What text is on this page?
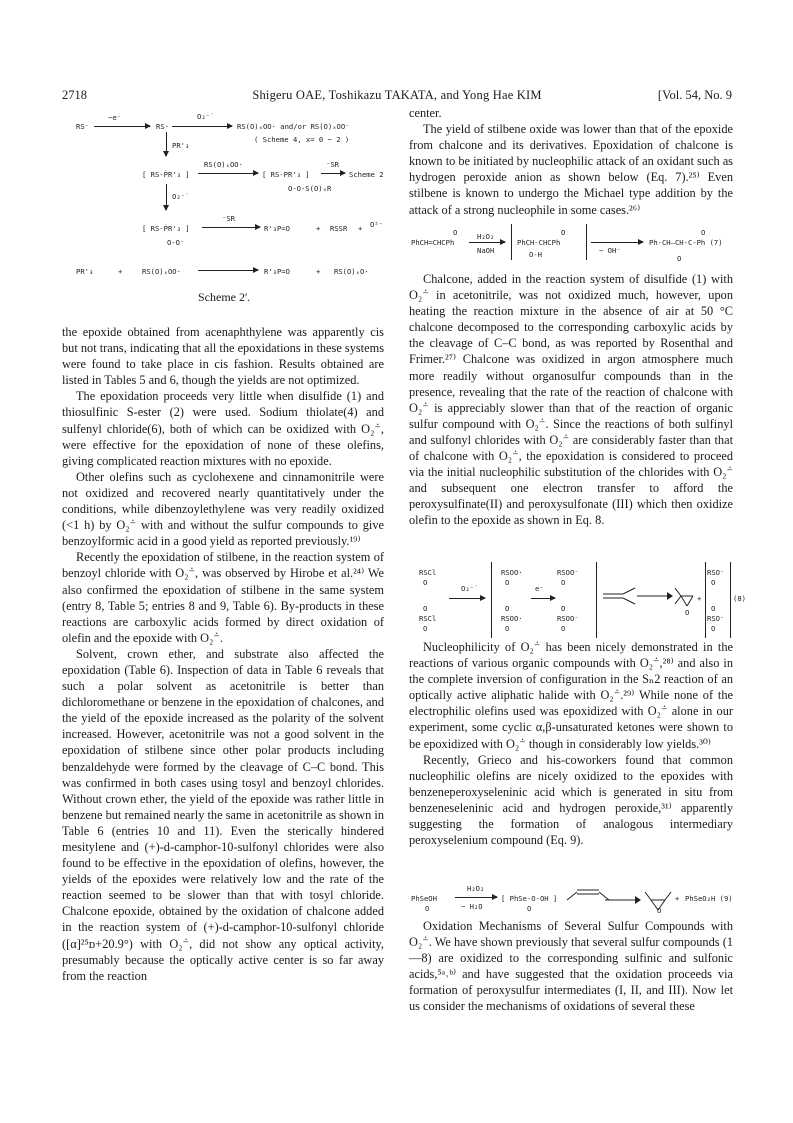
2718	Shigeru OAE, Toshikazu TAKATA, and Yong Hae KIM	[Vol. 54, No. 9
RS⁻
−e⁻
RS·
O₂⁻̇
RS(O)ₓOO· and/or RS(O)ₓOO⁻
( Scheme 4, x= 0 − 2 )
PR'₃
[ RS-ṖR'₃ ]
RS(O)ₓOO·	⁻SR
[ RS-PR'₃ ]	Scheme 2
O-O-S(O)ₓR
O₂⁻̇
[ RS-ṖR'₃ ]
⁻SR
R'₃P=O	+ RSSR + O²⁻
O-O⁻
PR'₃	+	RS(O)ₓOO·	R'₃P=O	+ RS(O)ₓO·
Scheme 2'.

the epoxide obtained from acenaphthylene was apparently cis but not trans, indicating that all the epoxidations in these systems were found to take place in cis fashion. Results obtained are listed in Tables 5 and 6, though the yields are not optimized.

The epoxidation proceeds very little when disulfide (1) and thiosulfinic S-ester (2) were used. Sodium thiolate(4) and sulfenyl chloride(6), both of which can be oxidized with O₂⁻̇, were effective for the epoxidation of none of these olefins, giving complicated reaction mixtures with no epoxide.

Other olefins such as cyclohexene and cinnamonitrile were not oxidized and recovered nearly quantitatively under the conditions, while dibenzoylethylene was very readily oxidized (<1 h) by O₂⁻̇ with and without the sulfur compounds to give benzoylformic acid in a good yield as reported previously.¹⁹⁾

Recently the epoxidation of stilbene, in the reaction system of benzoyl chloride with O₂⁻̇, was observed by Hirobe et al.²⁴⁾ We also confirmed the epoxidation of stilbene in the same system (entry 8, Table 5; entries 8 and 9, Table 6). By-products in these reactions are carboxylic acids formed by direct oxidation of olefin and the epoxide with O₂⁻̇.

Solvent, crown ether, and substrate also affected the epoxidation (Table 6). Inspection of data in Table 6 reveals that such a polar solvent as acetonitrile is better than dichloromethane or benzene in the epoxidation of chalcones, and the yield of the epoxide increased as the polarity of the solvent increased. However, acetonitrile was not a good solvent in the epoxidation of stilbene since other polar products including benzaldehyde were formed by the cleavage of C–C bond. This was confirmed in both cases using tosyl and benzoyl chlorides. Without crown ether, the yield of the epoxide was rather little in benzene but remained nearly the same in acetonitrile as shown in Table 6 (entries 10 and 11). Even the sterically hindered mesitylene and (+)-d-camphor-10-sulfonyl chlorides were also found to be effective in the epoxidation of olefins, however, the yields of the epoxides were relatively low and the rate of the reaction seemed to be slower than that with tosyl chloride. Chalcone epoxide, obtained by the oxidation of chalcone added in the reaction system of (+)-d-camphor-10-sulfonyl chloride ([α]²⁵ᴅ+20.9°) with O₂⁻̇, did not show any optical activity, presumably because the optically active center is so far away from the reaction

center.

The yield of stilbene oxide was lower than that of the epoxide from chalcone and its derivatives. Epoxidation of chalcone is known to be initiated by nucleophilic attack of an oxidant such as hydrogen peroxide anion as shown below (Eq. 7).²⁵⁾ Even stilbene is known to undergo the Michael type addition by the attack of a strong nucleophile in some cases.²⁶⁾

O
PhCH=CHCPh
H₂O₂
NaOH
O
PhCH-CHCPh
O-H	− OH⁻
O
Ph-CH—CH-C-Ph (7)
O

Chalcone, added in the reaction system of disulfide (1) with O₂⁻̇ in acetonitrile, was not oxidized much, however, upon heating the reaction mixture in the absence of air at 50 °C chalcone decomposed to the corresponding carboxylic acids by the cleavage of C–C bond, as was reported by Rosenthal and Frimer.²⁷⁾ Chalcone was oxidized in argon atmosphere much more readily without organosulfur compounds than in the presence, revealing that the rate of the reaction of chalcone with O₂⁻̇ is appreciably slower than that of the reaction of organic sulfur compound with O₂⁻̇. Since the reactions of both sulfinyl and sulfonyl chlorides with O₂⁻̇ are considerably faster than that of chalcone with O₂⁻̇, the epoxidation is considered to proceed via the initial nucleophilic substitution of the chlorides with O₂⁻̇ and subsequent one electron transfer to afford the peroxysulfinate(II) and peroxysulfonate (III) which then oxidize olefin to the epoxide as shown in Eq. 8.

RSCl
O
O
RSCl
O
O₂⁻̇
RSOO·
O
e⁻
RSOO⁻
O
O
RSOO·
O
O
RSOO⁻
O
O
+
RSO⁻
O
O
RSO⁻
O
(8)

Nucleophilicity of O₂⁻̇ has been nicely demonstrated in the reactions of various organic compounds with O₂⁻̇,²⁸⁾ and also in the complete inversion of configuration in the Sₙ2 reaction of an optically active aliphatic halide with O₂⁻̇.²⁹⁾ While none of the electrophilic olefins used was epoxidized with O₂⁻̇ alone in our experiment, some cyclic α,β-unsaturated ketones were shown to be epoxidized with O₂⁻̇ though in considerably low yields.³⁰⁾

Recently, Grieco and his-coworkers found that common nucleophilic olefins are nicely oxidized to the epoxides with benzeneperoxyseleninic acid which is generated in situ from benzeneseleninic acid and hydrogen peroxide,³¹⁾ apparently suggesting the formation of analogous intermediary peroxyselenium compound (Eq. 9).

PhSeOH
O
H₂O₂
− H₂O
[ PhSe-O-OH ]
O	O
+ PhSeO₂H (9)

Oxidation Mechanisms of Several Sulfur Compounds with O₂⁻̇. We have shown previously that several sulfur compounds (1—8) are oxidized to the corresponding sulfinic and sulfonic acids,⁵ᵃ˒ᵇ⁾ and have suggested that the oxidation proceeds via formation of peroxysulfur intermediates (I, II, and III). Now let us consider the mechanisms of oxidations of several these
